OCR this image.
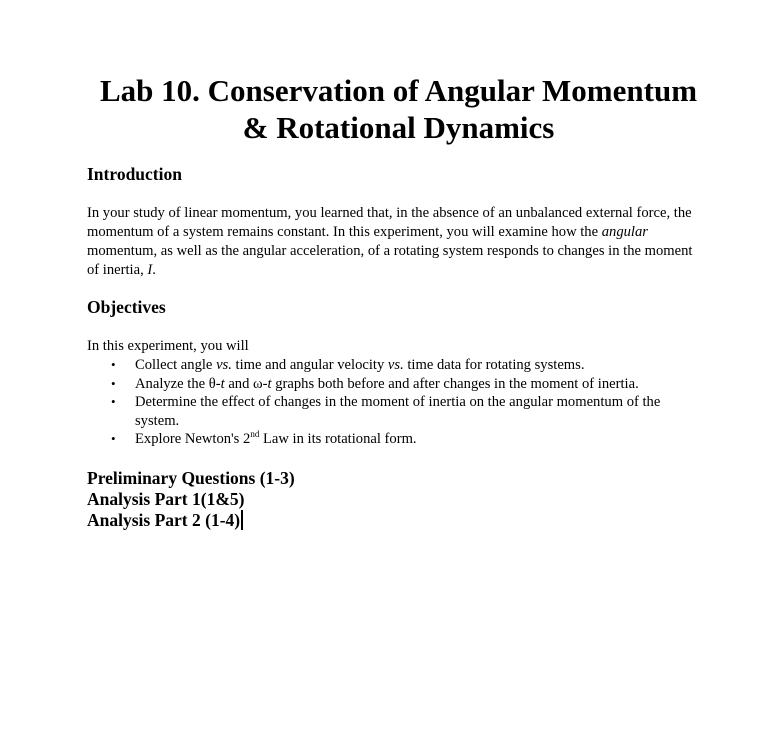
Lab 10. Conservation of Angular Momentum
& Rotational Dynamics
Introduction

In your study of linear momentum, you learned that, in the absence of an unbalanced external force, the momentum of a system remains constant. In this experiment, you will examine how the angular momentum, as well as the angular acceleration, of a rotating system responds to changes in the moment of inertia, I.

Objectives

In this experiment, you will

• Collect angle vs. time and angular velocity vs. time data for rotating systems.
• Analyze the θ-t and ω-t graphs both before and after changes in the moment of inertia.
• Determine the effect of changes in the moment of inertia on the angular momentum of the system.
• Explore Newton's 2nd Law in its rotational form.
Preliminary Questions (1-3)
Analysis Part 1(1&5)
Analysis Part 2 (1-4)
